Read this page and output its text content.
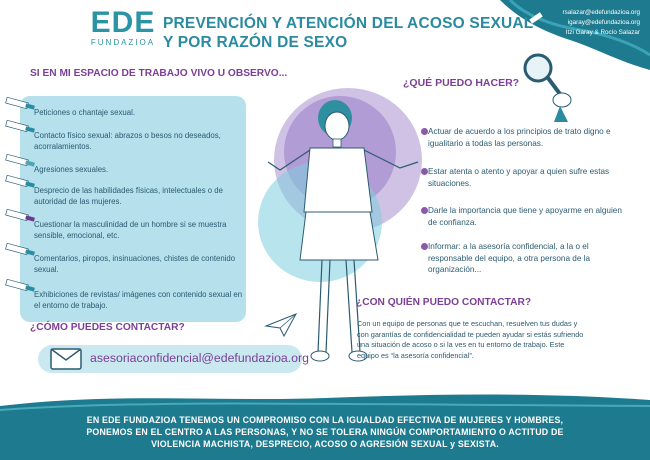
rsalazar@edefundazioa.org
igaray@edefundazioa.org
Itzi Garay & Rocío Salazar
EDE
FUNDAZIOA
PREVENCIÓN Y ATENCIÓN DEL ACOSO SEXUAL
Y POR RAZÓN DE SEXO
SI EN MI ESPACIO DE TRABAJO VIVO U OBSERVO...
Peticiones o chantaje sexual.
Contacto físico sexual: abrazos o besos no deseados, acorralamientos.
Agresiones sexuales.
Desprecio de las habilidades físicas, intelectuales o de autoridad de las mujeres.
Cuestionar la masculinidad de un hombre si se muestra sensible, emocional, etc.
Comentarios, piropos, insinuaciones, chistes de contenido sexual.
Exhibiciones de revistas/ imágenes con contenido sexual en el entorno de trabajo.
¿QUÉ PUEDO HACER?
Actuar de acuerdo a los principios de trato digno e igualitario a todas las personas.
Estar atenta o atento y apoyar a quien sufre estas situaciones.
Darle la importancia que tiene y apoyarme en alguien de confianza.
Informar: a la asesoría confidencial, a la o el responsable del equipo, a otra persona de la organización...
¿CON QUIÉN PUEDO CONTACTAR?
Con un equipo de personas que te escuchan, resuelven tus dudas y con garantías de confidencialidad te pueden ayudar si estás sufriendo una situación de acoso o si la ves en tu entorno de trabajo. Este equipo es “la asesoría confidencial”.
¿CÓMO PUEDES CONTACTAR?
asesoriaconfidencial@edefundazioa.org
EN EDE FUNDAZIOA TENEMOS UN COMPROMISO CON LA IGUALDAD EFECTIVA DE MUJERES Y HOMBRES,
PONEMOS EN EL CENTRO A LAS PERSONAS, Y NO SE TOLERA NINGÚN COMPORTAMIENTO O ACTITUD DE
VIOLENCIA MACHISTA, DESPRECIO, ACOSO O AGRESIÓN SEXUAL y SEXISTA.
